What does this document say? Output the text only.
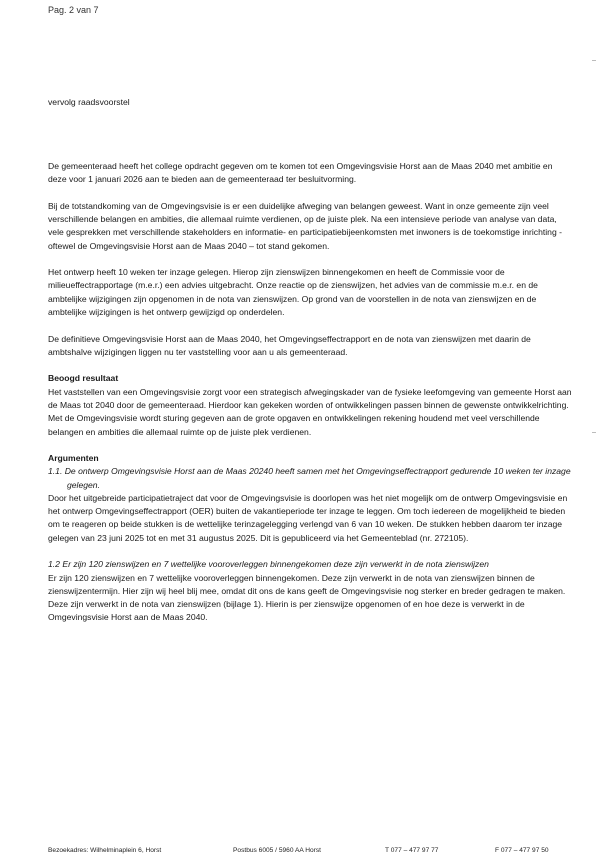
Pag. 2 van 7
vervolg raadsvoorstel

De gemeenteraad heeft het college opdracht gegeven om te komen tot een Omgevingsvisie Horst aan de Maas 2040 met ambitie en deze voor 1 januari 2026 aan te bieden aan de gemeenteraad ter besluitvorming.

Bij de totstandkoming van de Omgevingsvisie is er een duidelijke afweging van belangen geweest. Want in onze gemeente zijn veel verschillende belangen en ambities, die allemaal ruimte verdienen, op de juiste plek. Na een intensieve periode van analyse van data, vele gesprekken met verschillende stakeholders en informatie- en participatiebijeenkomsten met inwoners is de toekomstige inrichting - oftewel de Omgevingsvisie Horst aan de Maas 2040 – tot stand gekomen.

Het ontwerp heeft 10 weken ter inzage gelegen. Hierop zijn zienswijzen binnengekomen en heeft de Commissie voor de milieueffectrapportage (m.e.r.) een advies uitgebracht. Onze reactie op de zienswijzen, het advies van de commissie m.e.r. en de ambtelijke wijzigingen zijn opgenomen in de nota van zienswijzen. Op grond van de voorstellen in de nota van zienswijzen en de ambtelijke wijzigingen is het ontwerp gewijzigd op onderdelen.

De definitieve Omgevingsvisie Horst aan de Maas 2040, het Omgevingseffectrapport en de nota van zienswijzen met daarin de ambtshalve wijzigingen liggen nu ter vaststelling voor aan u als gemeenteraad.

Beoogd resultaat

Het vaststellen van een Omgevingsvisie zorgt voor een strategisch afwegingskader van de fysieke leefomgeving van gemeente Horst aan de Maas tot 2040 door de gemeenteraad. Hierdoor kan gekeken worden of ontwikkelingen passen binnen de gewenste ontwikkelrichting. Met de Omgevingsvisie wordt sturing gegeven aan de grote opgaven en ontwikkelingen rekening houdend met veel verschillende belangen en ambities die allemaal ruimte op de juiste plek verdienen.

Argumenten

1.1. De ontwerp Omgevingsvisie Horst aan de Maas 20240 heeft samen met het Omgevingseffectrapport gedurende 10 weken ter inzage gelegen.

Door het uitgebreide participatietraject dat voor de Omgevingsvisie is doorlopen was het niet mogelijk om de ontwerp Omgevingsvisie en het ontwerp Omgevingseffectrapport (OER) buiten de vakantieperiode ter inzage te leggen. Om toch iedereen de mogelijkheid te bieden om te reageren op beide stukken is de wettelijke terinzagelegging verlengd van 6 van 10 weken. De stukken hebben daarom ter inzage gelegen van 23 juni 2025 tot en met 31 augustus 2025. Dit is gepubliceerd via het Gemeenteblad (nr. 272105).

1.2 Er zijn 120 zienswijzen en 7 wettelijke vooroverleggen binnengekomen deze zijn verwerkt in de nota zienswijzen

Er zijn 120 zienswijzen en 7 wettelijke vooroverleggen binnengekomen. Deze zijn verwerkt in de nota van zienswijzen binnen de zienswijzentermijn. Hier zijn wij heel blij mee, omdat dit ons de kans geeft de Omgevingsvisie nog sterker en breder gedragen te maken. Deze zijn verwerkt in de nota van zienswijzen (bijlage 1). Hierin is per zienswijze opgenomen of en hoe deze is verwerkt in de Omgevingsvisie Horst aan de Maas 2040.

Bezoekadres: Wilhelminaplein 6, Horst	Postbus 6005 / 5960 AA Horst	T 077 – 477 97 77	F 077 – 477 97 50
